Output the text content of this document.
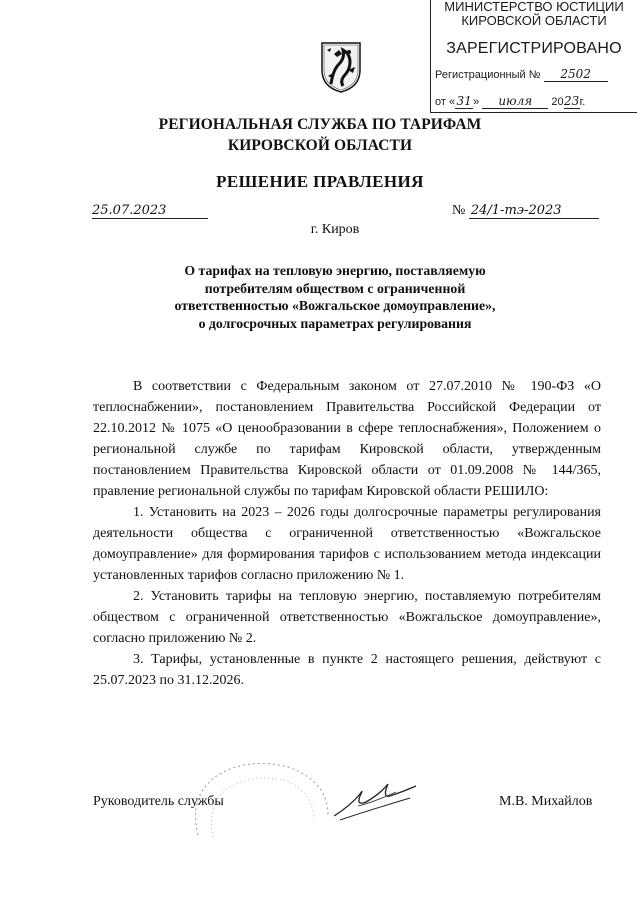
МИНИСТЕРСТВО ЮСТИЦИИ
КИРОВСКОЙ ОБЛАСТИ
ЗАРЕГИСТРИРОВАНО
Регистрационный № 2502
от «31» июля 2023г.
РЕГИОНАЛЬНАЯ СЛУЖБА ПО ТАРИФАМ
КИРОВСКОЙ ОБЛАСТИ
РЕШЕНИЕ ПРАВЛЕНИЯ
25.07.2023	№ 24/1-тэ-2023
г. Киров
О тарифах на тепловую энергию, поставляемую потребителям обществом с ограниченной ответственностью «Вожгальское домоуправление», о долгосрочных параметрах регулирования

В соответствии с Федеральным законом от 27.07.2010 № 190-ФЗ «О теплоснабжении», постановлением Правительства Российской Федерации от 22.10.2012 № 1075 «О ценообразовании в сфере теплоснабжения», Положением о региональной службе по тарифам Кировской области, утвержденным постановлением Правительства Кировской области от 01.09.2008 № 144/365, правление региональной службы по тарифам Кировской области РЕШИЛО:

1. Установить на 2023 – 2026 годы долгосрочные параметры регулирования деятельности общества с ограниченной ответственностью «Вожгальское домоуправление» для формирования тарифов с использованием метода индексации установленных тарифов согласно приложению № 1.

2. Установить тарифы на тепловую энергию, поставляемую потребителям обществом с ограниченной ответственностью «Вожгальское домоуправление», согласно приложению № 2.

3. Тарифы, установленные в пункте 2 настоящего решения, действуют с 25.07.2023 по 31.12.2026.

Руководитель службы	М.В. Михайлов
